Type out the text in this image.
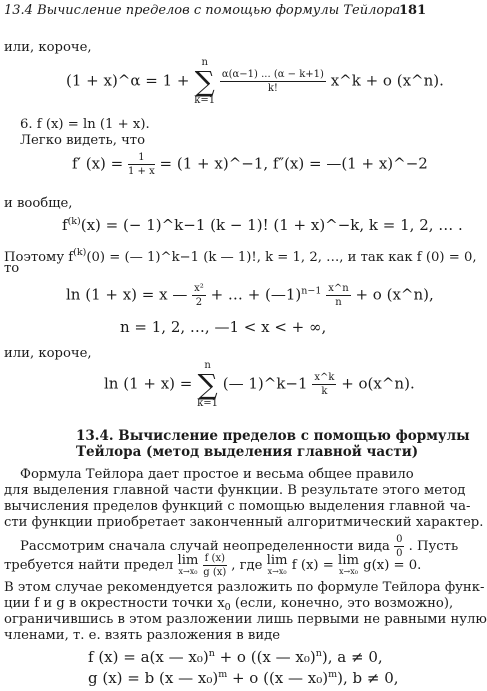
13.4 Вычисление пределов с помощью формулы Тейлора
181
или, короче,
(1 + x)^α = 1 +
n
∑
k=1

$\frac{\alpha(\alpha-1) ... (\alpha - k+1)}{k!}$ x^k + o (x^n).
6. f (x) = ln (1 + x).
Легко видеть, что
f′ $(x) = \frac{1}{1 + x} = (1$ + x)^−1, f″(x) = —(1 + x)^−2
и вообще,
$f^{(k)}(x)$ = (− 1)^k−1 (k − 1)! (1 + x)^−k, k = 1, 2, … .
Поэтому $f^{(k)}(0)$ = (— 1)^k−1 (k — 1)!, k = 1, 2, …, и так как f (0) = 0,
то
ln (1 + x) = x — $\frac{\text{x²}}{2}$ + … + (—1)$^{n-1}$ $\frac{x\^{}n}{n} + o$ (x^n),
n = 1, 2, …, —1 < x < + ∞,
или, короче,
ln (1 + x) =
n
∑
k=1
(— 1)^k−1 $\frac{x\^{}k}{k}$ + o(x^n).
13.4. Вычисление пределов с помощью формулы
Тейлора (метод выделения главной части)
Формула Тейлора дает простое и весьма общее правило
для выделения главной части функции. В результате этого метод
вычисления пределов функций с помощью выделения главной ча-
сти функции приобретает законченный алгоритмический характер.
Рассмотрим сначала случай неопределенности вида $\frac{0}{0}$ . Пусть
требуется найти предел lim
x→x₀
$\frac{f (x)}{g (x)}$ , где lim
x→x₀ f (x) = lim
x→x₀ g(x) = 0.
В этом случае рекомендуется разложить по формуле Тейлора функ-
ции f и g в окрестности точки $x_0$ (если, конечно, это возможно),
ограничившись в этом разложении лишь первыми не равными нулю
членами, т. е. взять разложения в виде
f (x) = a(x — x₀)$^n$ + o ((x — x₀)$^n$), a ≠ 0,
g (x) = b (x — x₀)$^m$ + o ((x — x₀)$^m$), b ≠ 0,
